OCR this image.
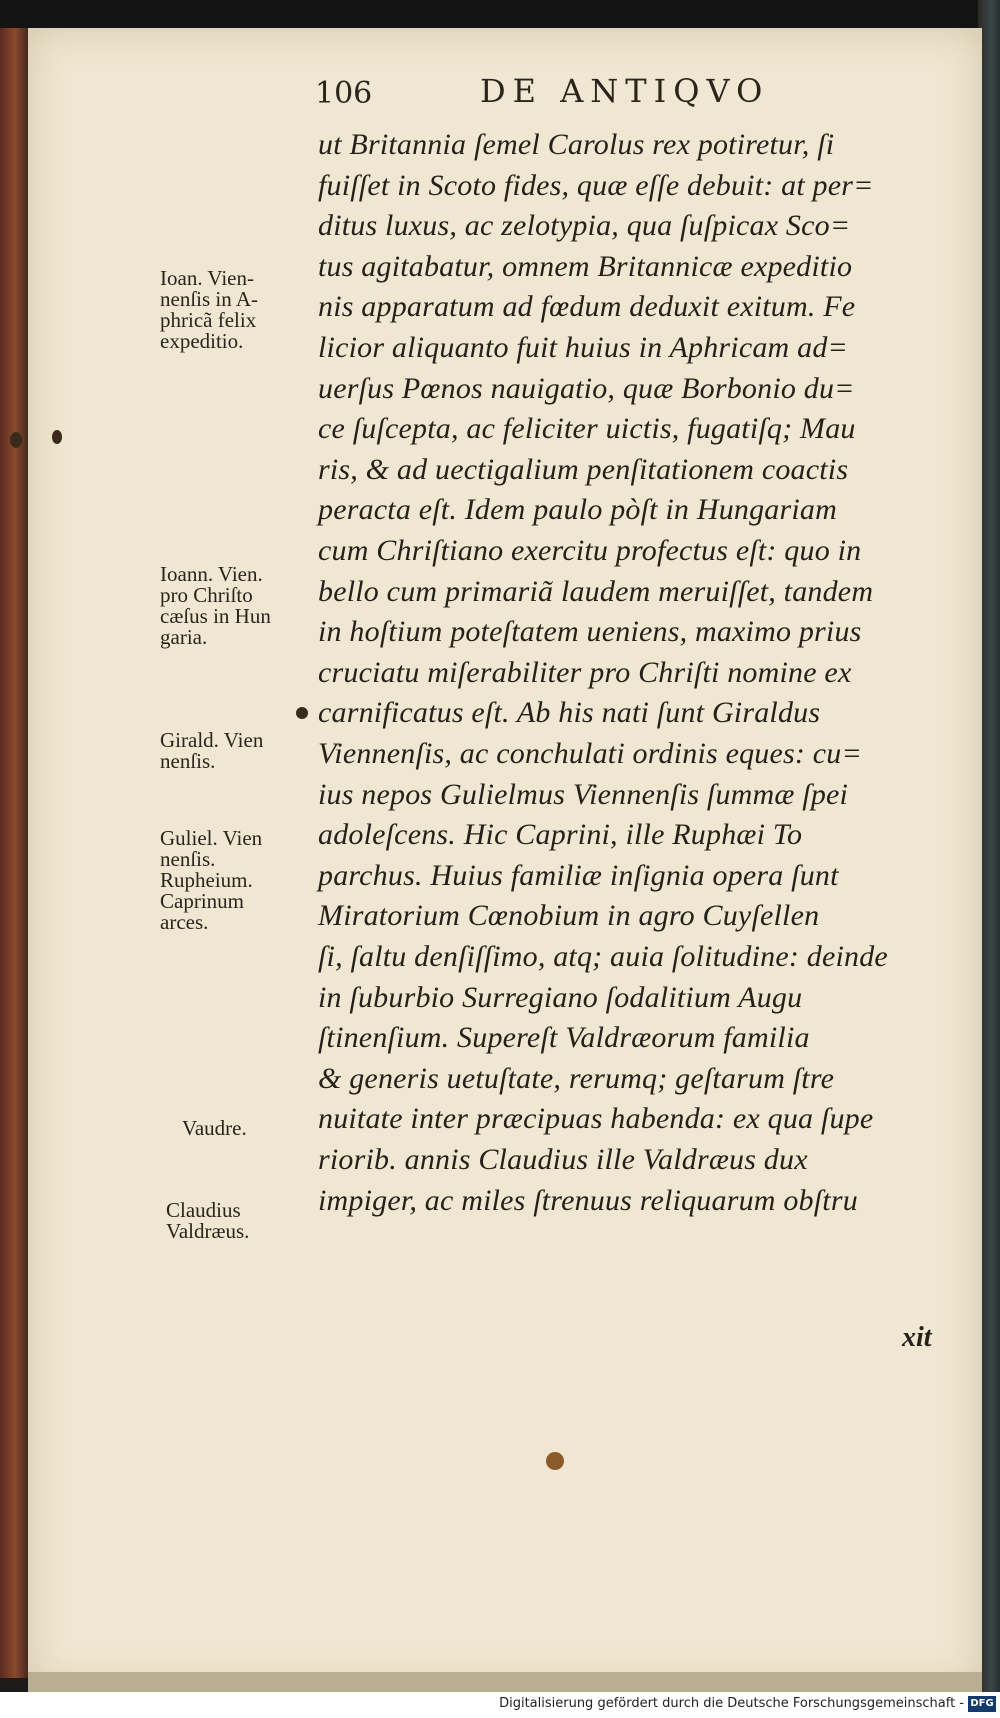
106	DE ANTIQVO
ut Britannia ſemel Carolus rex potiretur, ſi
fuiſſet in Scoto fides, quæ eſſe debuit: at per=
ditus luxus, ac zelotypia, qua ſuſpicax Sco=
tus agitabatur, omnem Britannicæ expeditio
nis apparatum ad fœdum deduxit exitum. Fe
licior aliquanto fuit huius in Aphricam ad=
uerſus Pœnos nauigatio, quæ Borbonio du=
ce ſuſcepta, ac feliciter uictis, fugatiſq; Mau
ris, & ad uectigalium penſitationem coactis
peracta eſt. Idem paulo pòſt in Hungariam
cum Chriſtiano exercitu profectus eſt: quo in
bello cum primariã laudem meruiſſet, tandem
in hoſtium poteſtatem ueniens, maximo prius
cruciatu miſerabiliter pro Chriſti nomine ex
carnificatus eſt. Ab his nati ſunt Giraldus
Viennenſis, ac conchulati ordinis eques: cu=
ius nepos Gulielmus Viennenſis ſummæ ſpei
adoleſcens. Hic Caprini, ille Ruphæi To
parchus. Huius familiæ inſignia opera ſunt
Miratorium Cœnobium in agro Cuyſellen
ſi, ſaltu denſiſſimo, atq; auia ſolitudine: deinde
in ſuburbio Surregiano ſodalitium Augu
ſtinenſium. Supereſt Valdræorum familia
& generis uetuſtate, rerumq; geſtarum ſtre
nuitate inter præcipuas habenda: ex qua ſupe
riorib. annis Claudius ille Valdræus dux
impiger, ac miles ſtrenuus reliquarum obſtru
Ioan. Vien-
nenſis in A-
phricã felix
expeditio.
Ioann. Vien.
pro Chriſto
cæſus in Hun
garia.
Girald. Vien
nenſis.
Guliel. Vien
nenſis.
Rupheium.
Caprinum
arces.
Vaudre.
Claudius
Valdræus.
xit
Digitalisierung gefördert durch die Deutsche Forschungsgemeinschaft - DFG
